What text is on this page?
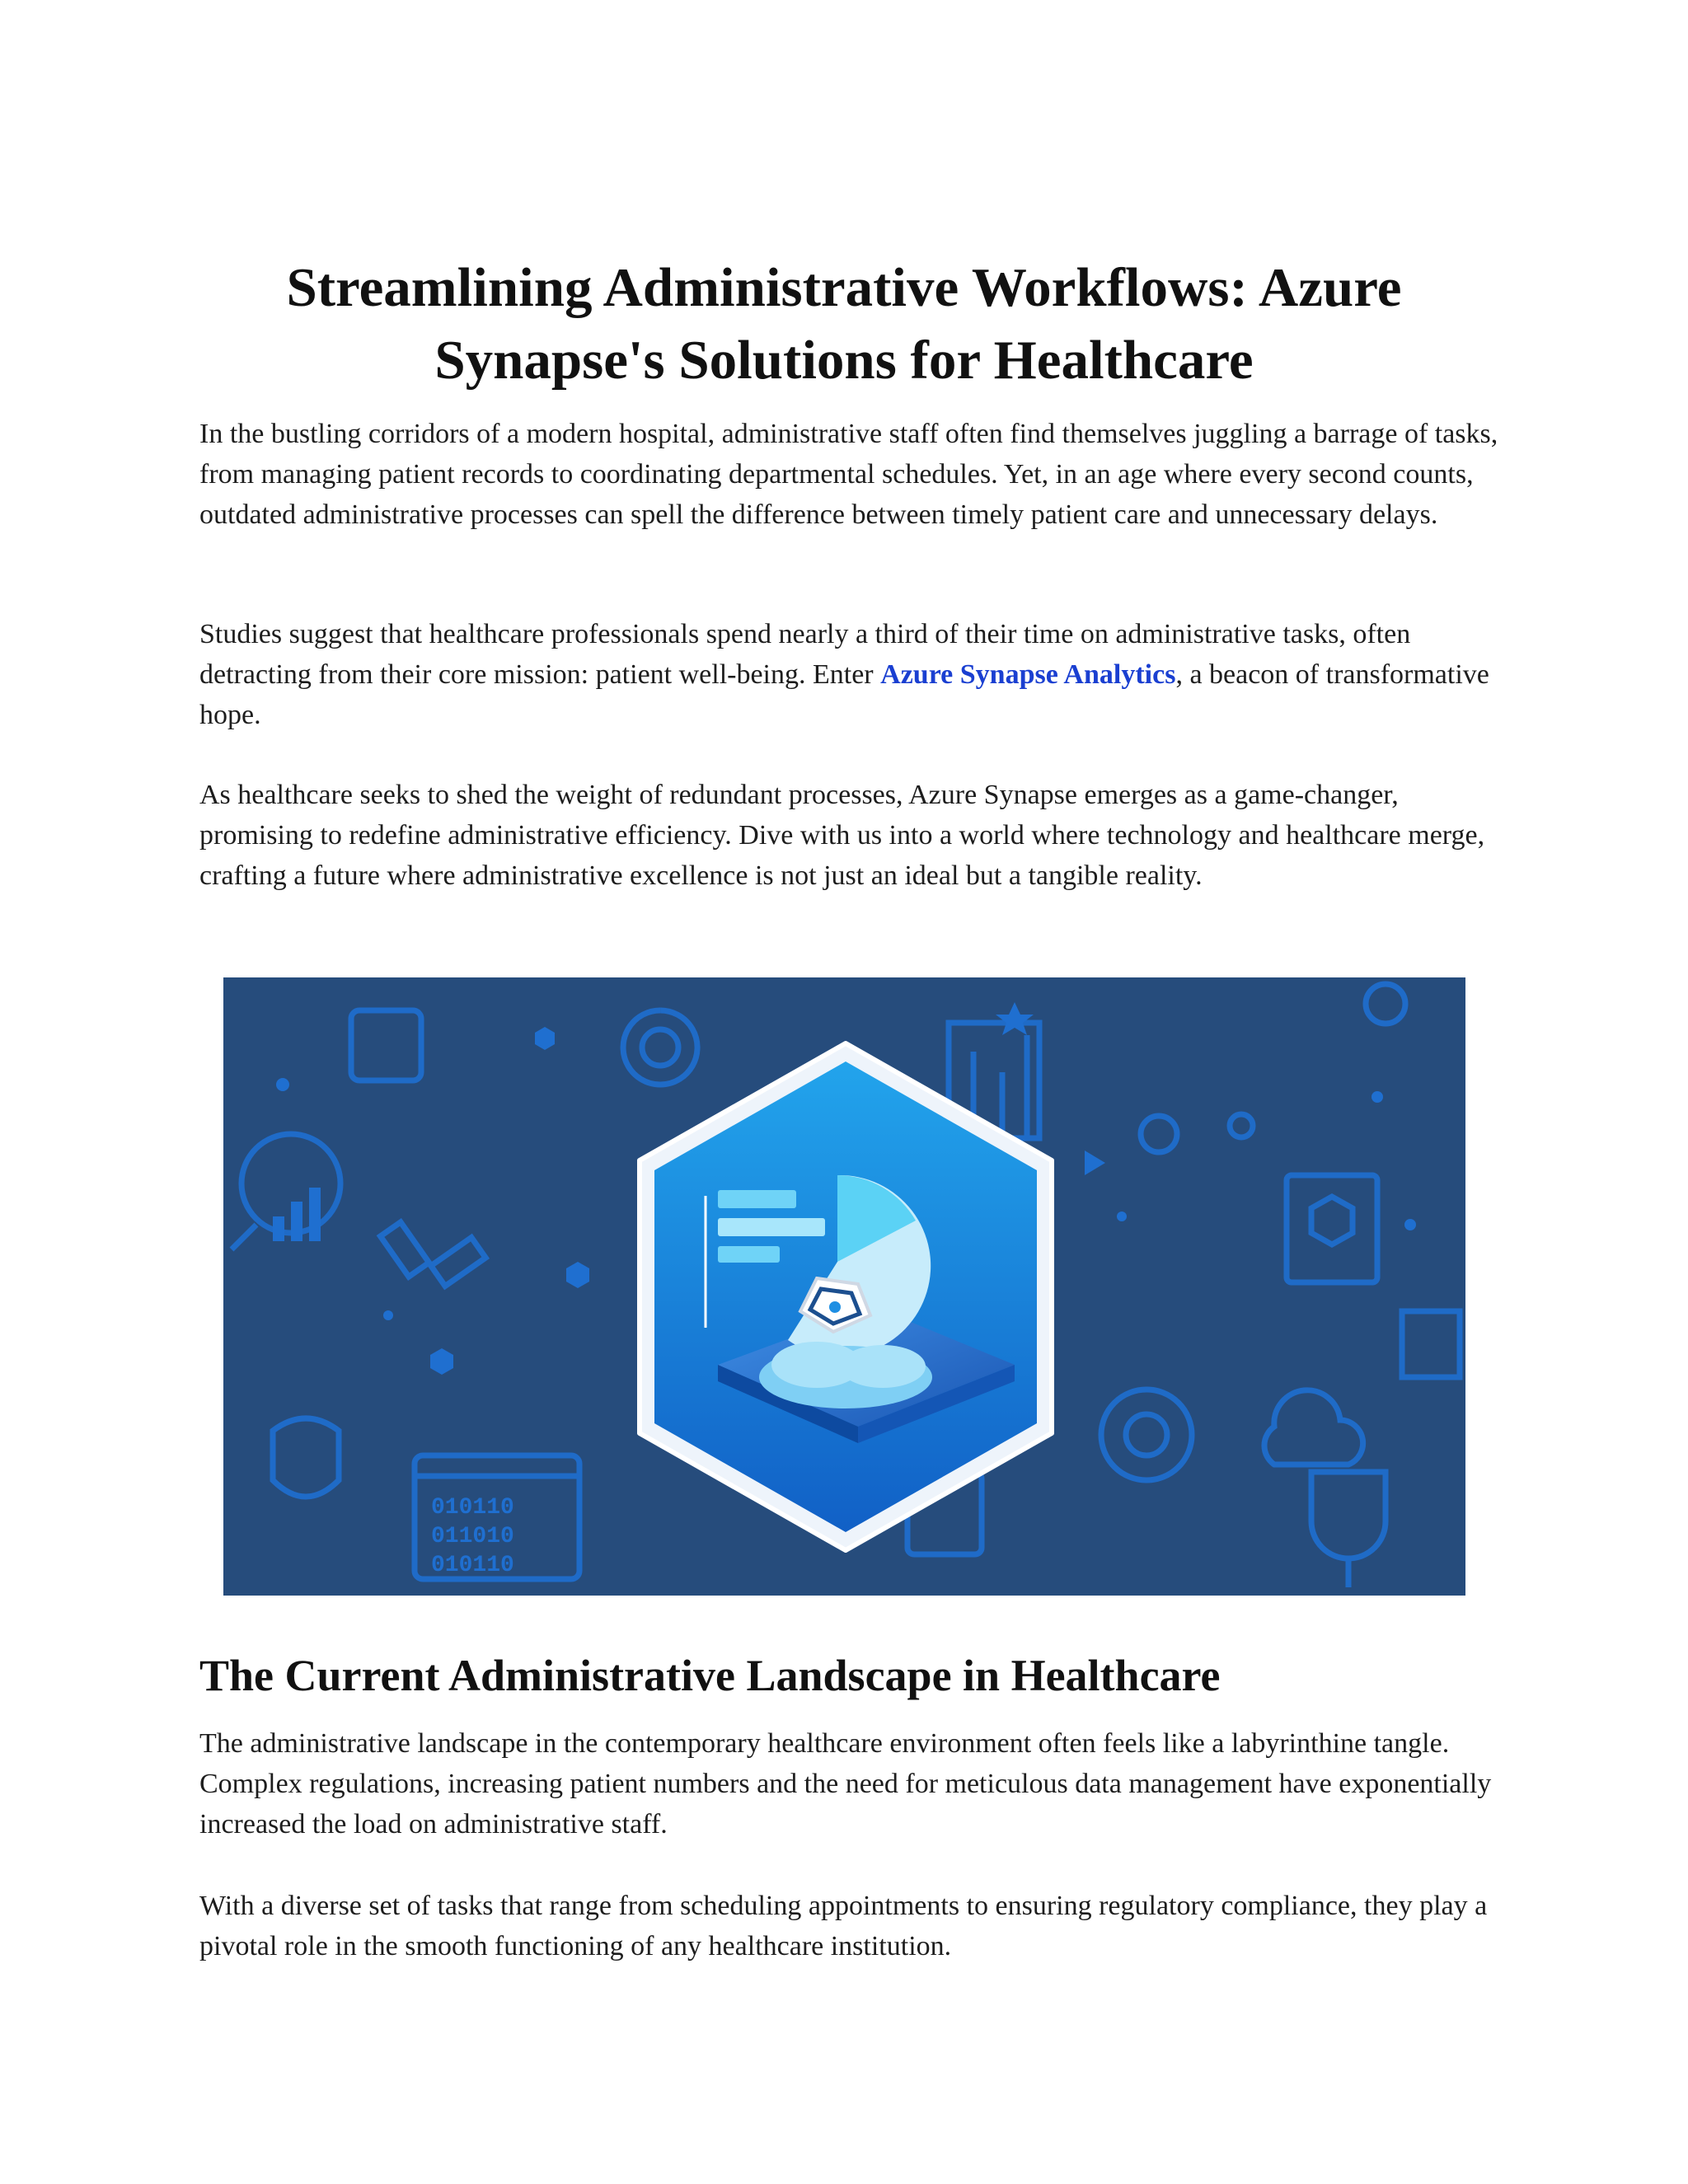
Streamlining Administrative Workflows: Azure Synapse's Solutions for Healthcare

In the bustling corridors of a modern hospital, administrative staff often find themselves juggling a barrage of tasks, from managing patient records to coordinating departmental schedules. Yet, in an age where every second counts, outdated administrative processes can spell the difference between timely patient care and unnecessary delays.

Studies suggest that healthcare professionals spend nearly a third of their time on administrative tasks, often detracting from their core mission: patient well-being. Enter Azure Synapse Analytics, a beacon of transformative hope.

As healthcare seeks to shed the weight of redundant processes, Azure Synapse emerges as a game-changer, promising to redefine administrative efficiency. Dive with us into a world where technology and healthcare merge, crafting a future where administrative excellence is not just an ideal but a tangible reality.

010110
011010
010110
The Current Administrative Landscape in Healthcare

The administrative landscape in the contemporary healthcare environment often feels like a labyrinthine tangle. Complex regulations, increasing patient numbers and the need for meticulous data management have exponentially increased the load on administrative staff.

With a diverse set of tasks that range from scheduling appointments to ensuring regulatory compliance, they play a pivotal role in the smooth functioning of any healthcare institution.
